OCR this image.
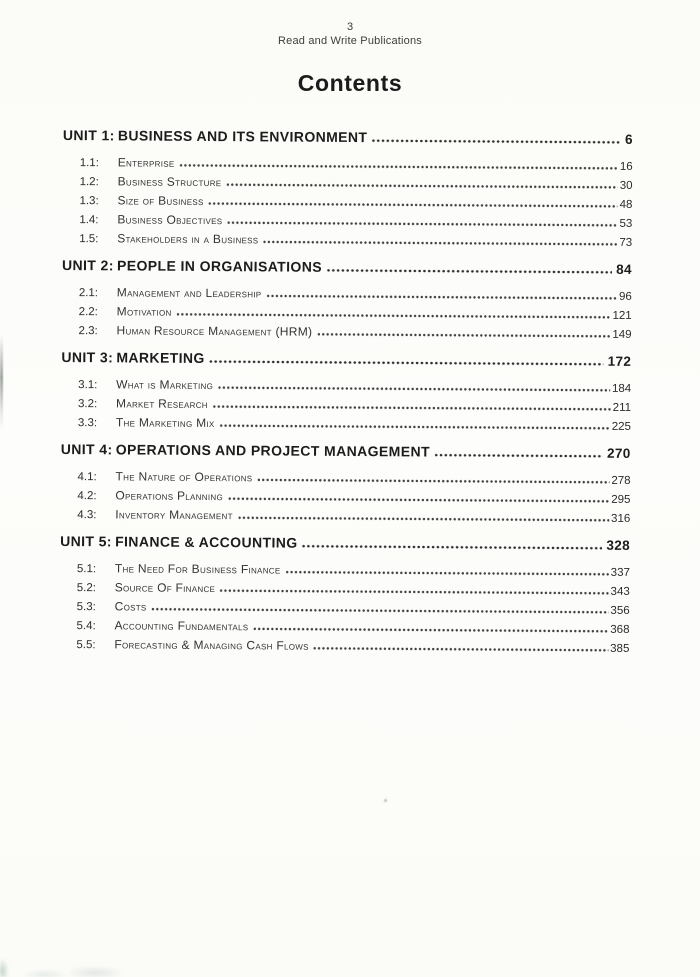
3
Read and Write Publications
Contents
UNIT 1: BUSINESS AND ITS ENVIRONMENT	6
1.1:	Enterprise	16
1.2:	Business Structure	30
1.3:	Size of Business	48
1.4:	Business Objectives	53
1.5:	Stakeholders in a Business	73
UNIT 2: PEOPLE IN ORGANISATIONS	84
2.1:	Management and Leadership	96
2.2:	Motivation	121
2.3:	Human Resource Management (HRM)	149
UNIT 3: MARKETING	172
3.1:	What is Marketing	184
3.2:	Market Research	211
3.3:	The Marketing Mix	225
UNIT 4: OPERATIONS AND PROJECT MANAGEMENT	270
4.1:	The Nature of Operations	278
4.2:	Operations Planning	295
4.3:	Inventory Management	316
UNIT 5: FINANCE & ACCOUNTING	328
5.1:	The Need For Business Finance	337
5.2:	Source Of Finance	343
5.3:	Costs	356
5.4:	Accounting Fundamentals	368
5.5:	Forecasting & Managing Cash Flows	385
